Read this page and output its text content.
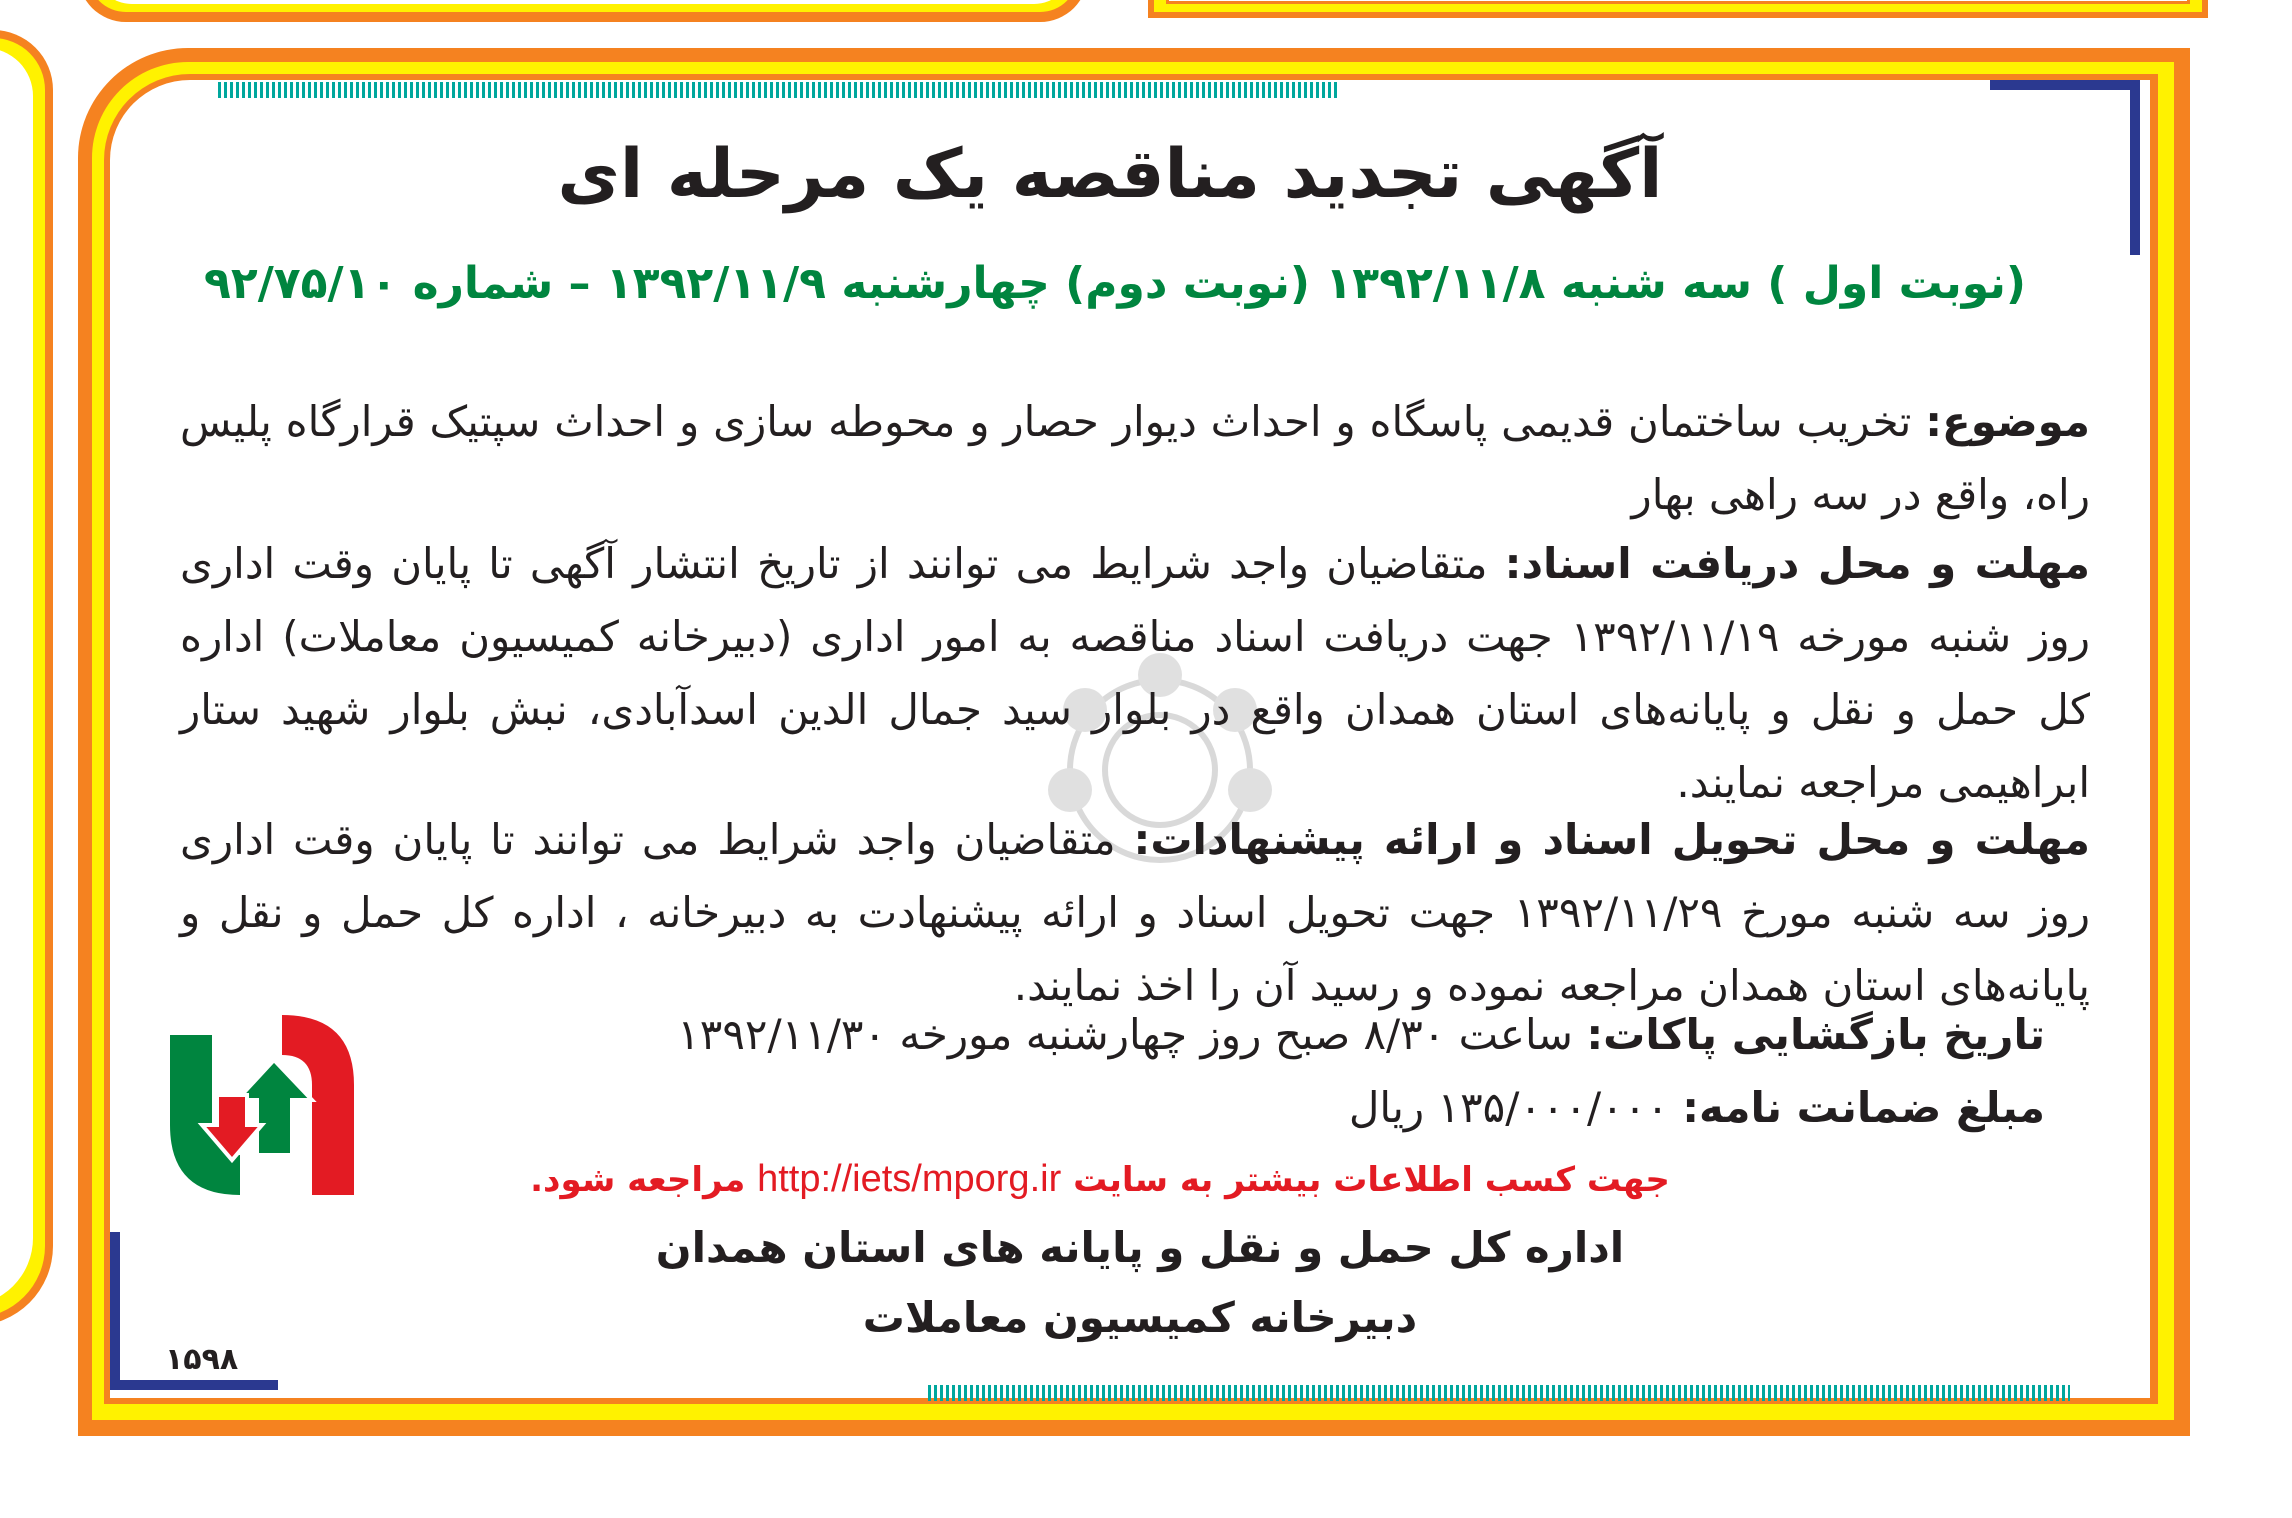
آگهی تجدید مناقصه یک مرحله ای
(نوبت اول ) سه شنبه ۱۳۹۲/۱۱/۸ (نوبت دوم) چهارشنبه ۱۳۹۲/۱۱/۹ – شماره ۹۲/۷۵/۱۰
موضوع: تخریب ساختمان قدیمی پاسگاه و احداث دیوار حصار و محوطه سازی و احداث سپتیک قرارگاه پلیس راه، واقع در سه راهی بهار
مهلت و محل دریافت اسناد: متقاضیان واجد شرایط می توانند از تاریخ انتشار آگهی تا پایان وقت اداری روز شنبه مورخه ۱۳۹۲/۱۱/۱۹ جهت دریافت اسناد مناقصه به امور اداری (دبیرخانه کمیسیون معاملات) اداره کل حمل و نقل و پایانه‌های استان همدان واقع در بلوار سید جمال الدین اسدآبادی، نبش بلوار شهید ستار ابراهیمی مراجعه نمایند.
مهلت و محل تحویل اسناد و ارائه پیشنهادات: متقاضیان واجد شرایط می توانند تا پایان وقت اداری روز سه شنبه مورخ ۱۳۹۲/۱۱/۲۹ جهت تحویل اسناد و ارائه پیشنهادت به دبیرخانه ، اداره کل حمل و نقل و پایانه‌های استان همدان مراجعه نموده و رسید آن را اخذ نمایند.
تاریخ بازگشایی پاکات: ساعت ۸/۳۰ صبح روز چهارشنبه مورخه ۱۳۹۲/۱۱/۳۰
مبلغ ضمانت نامه: ۱۳۵/۰۰۰/۰۰۰ ریال
جهت کسب اطلاعات بیشتر به سایت http://iets/mporg.ir مراجعه شود.
اداره کل حمل و نقل و پایانه های استان همدان
دبیرخانه کمیسیون معاملات
۱۵۹۸
